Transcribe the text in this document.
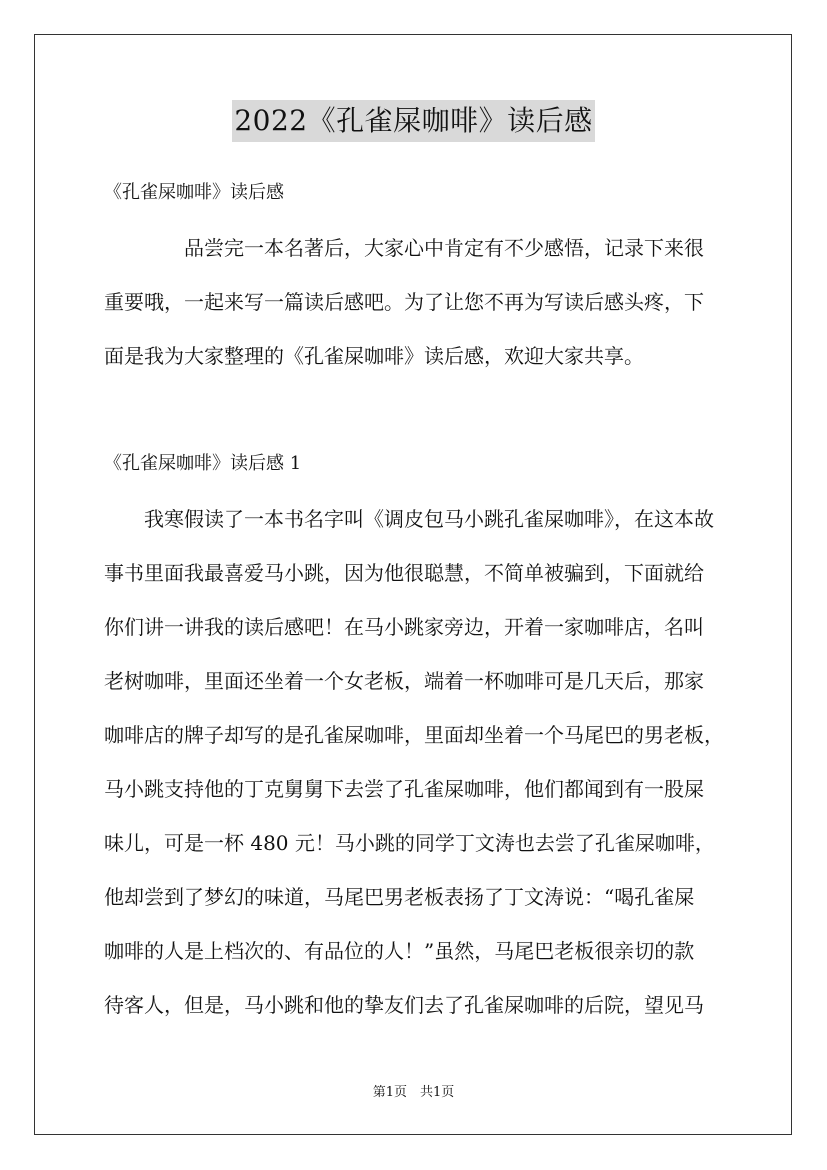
2022《孔雀屎咖啡》读后感
《孔雀屎咖啡》读后感
　　　　品尝完一本名著后，大家心中肯定有不少感悟，记录下来很
重要哦，一起来写一篇读后感吧。为了让您不再为写读后感头疼，下
面是我为大家整理的《孔雀屎咖啡》读后感，欢迎大家共享。
《孔雀屎咖啡》读后感 1
　　我寒假读了一本书名字叫《调皮包马小跳孔雀屎咖啡》，在这本故
事书里面我最喜爱马小跳，因为他很聪慧，不简单被骗到，下面就给
你们讲一讲我的读后感吧！在马小跳家旁边，开着一家咖啡店，名叫
老树咖啡，里面还坐着一个女老板，端着一杯咖啡可是几天后，那家
咖啡店的牌子却写的是孔雀屎咖啡，里面却坐着一个马尾巴的男老板，
马小跳支持他的丁克舅舅下去尝了孔雀屎咖啡，他们都闻到有一股屎
味儿，可是一杯 480 元！马小跳的同学丁文涛也去尝了孔雀屎咖啡，
他却尝到了梦幻的味道，马尾巴男老板表扬了丁文涛说：“喝孔雀屎
咖啡的人是上档次的、有品位的人！”虽然，马尾巴老板很亲切的款
待客人，但是，马小跳和他的挚友们去了孔雀屎咖啡的后院，望见马
第1页　共1页
